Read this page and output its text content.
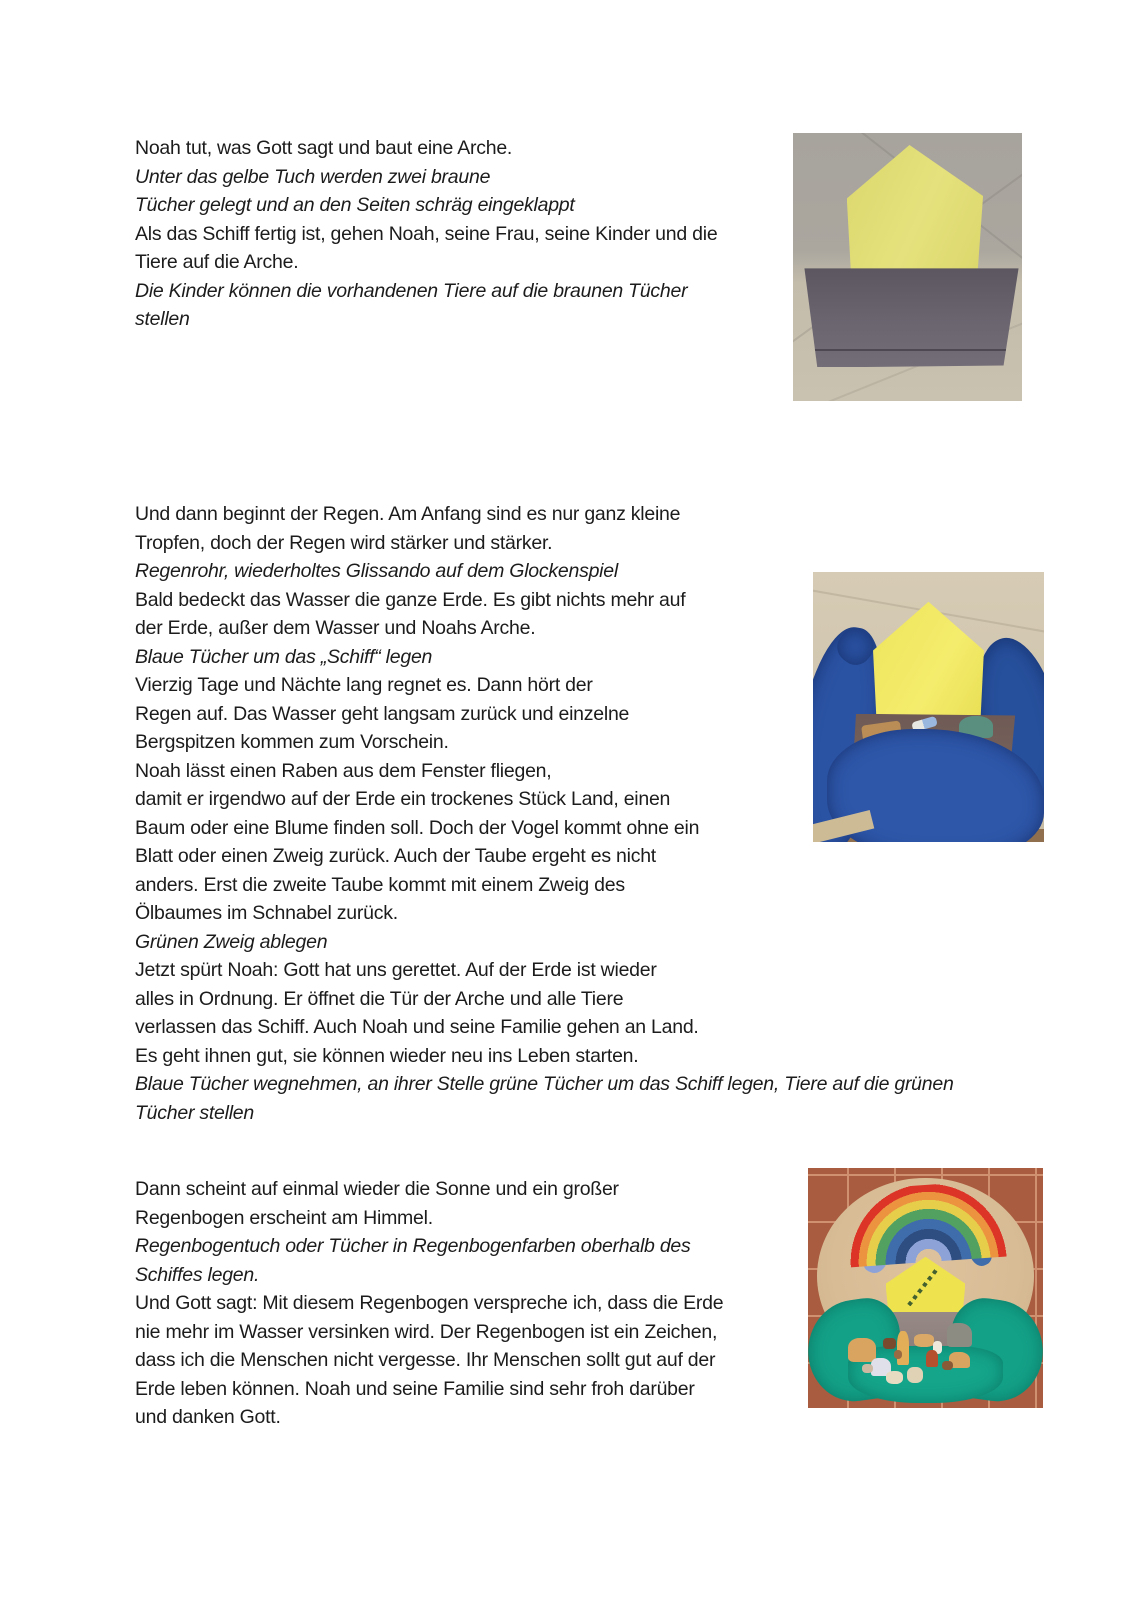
Noah tut, was Gott sagt und baut eine Arche.
Unter das gelbe Tuch werden zwei braune
Tücher gelegt und an den Seiten schräg eingeklappt
Als das Schiff fertig ist, gehen Noah, seine Frau, seine Kinder und die
Tiere auf die Arche.
Die Kinder können die vorhandenen Tiere auf die braunen Tücher
stellen
Und dann beginnt der Regen. Am Anfang sind es nur ganz kleine
Tropfen, doch der Regen wird stärker und stärker.
Regenrohr, wiederholtes Glissando auf dem Glockenspiel
Bald bedeckt das Wasser die ganze Erde. Es gibt nichts mehr auf
der Erde, außer dem Wasser und Noahs Arche.
Blaue Tücher um das „Schiff“ legen
Vierzig Tage und Nächte lang regnet es. Dann hört der
Regen auf. Das Wasser geht langsam zurück und einzelne
Bergspitzen kommen zum Vorschein.
Noah lässt einen Raben aus dem Fenster fliegen,
damit er irgendwo auf der Erde ein trockenes Stück Land, einen
Baum oder eine Blume finden soll. Doch der Vogel kommt ohne ein
Blatt oder einen Zweig zurück. Auch der Taube ergeht es nicht
anders. Erst die zweite Taube kommt mit einem Zweig des
Ölbaumes im Schnabel zurück.
Grünen Zweig ablegen
Jetzt spürt Noah: Gott hat uns gerettet. Auf der Erde ist wieder
alles in Ordnung. Er öffnet die Tür der Arche und alle Tiere
verlassen das Schiff. Auch Noah und seine Familie gehen an Land.
Es geht ihnen gut, sie können wieder neu ins Leben starten.
Blaue Tücher wegnehmen, an ihrer Stelle grüne Tücher um das Schiff legen, Tiere auf die grünen
Tücher stellen
Dann scheint auf einmal wieder die Sonne und ein großer
Regenbogen erscheint am Himmel.
Regenbogentuch oder Tücher in Regenbogenfarben oberhalb des
Schiffes legen.
Und Gott sagt: Mit diesem Regenbogen verspreche ich, dass die Erde
nie mehr im Wasser versinken wird. Der Regenbogen ist ein Zeichen,
dass ich die Menschen nicht vergesse. Ihr Menschen sollt gut auf der
Erde leben können. Noah und seine Familie sind sehr froh darüber
und danken Gott.
